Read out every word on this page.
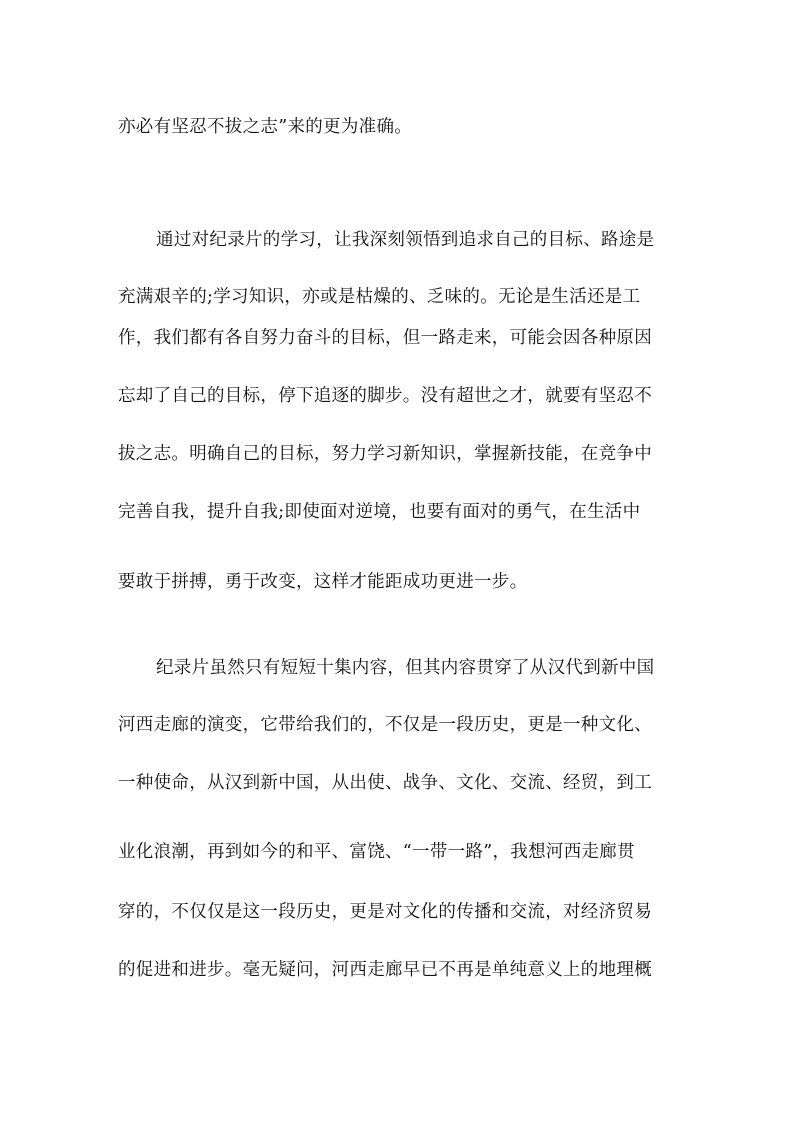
亦必有坚忍不拔之志”来的更为准确。
通过对纪录片的学习，让我深刻领悟到追求自己的目标、路途是
充满艰辛的;学习知识，亦或是枯燥的、乏味的。无论是生活还是工
作，我们都有各自努力奋斗的目标，但一路走来，可能会因各种原因
忘却了自己的目标，停下追逐的脚步。没有超世之才，就要有坚忍不
拔之志。明确自己的目标，努力学习新知识，掌握新技能，在竞争中
完善自我，提升自我;即使面对逆境，也要有面对的勇气，在生活中
要敢于拼搏，勇于改变，这样才能距成功更进一步。
纪录片虽然只有短短十集内容，但其内容贯穿了从汉代到新中国
河西走廊的演变，它带给我们的，不仅是一段历史，更是一种文化、
一种使命，从汉到新中国，从出使、战争、文化、交流、经贸，到工
业化浪潮，再到如今的和平、富饶、“一带一路”，我想河西走廊贯
穿的，不仅仅是这一段历史，更是对文化的传播和交流，对经济贸易
的促进和进步。毫无疑问，河西走廊早已不再是单纯意义上的地理概
